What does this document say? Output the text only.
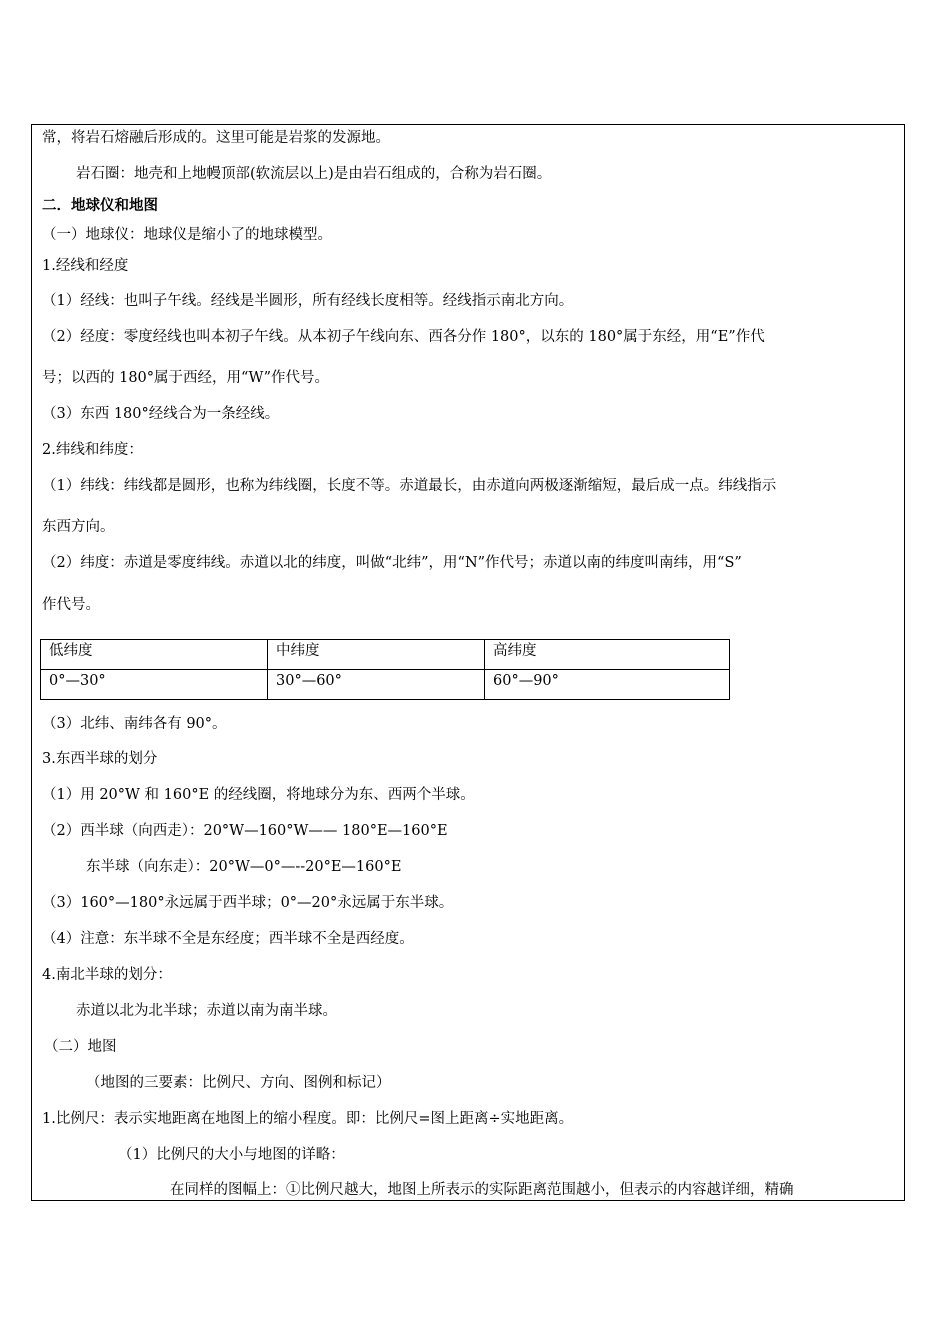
常，将岩石熔融后形成的。这里可能是岩浆的发源地。
岩石圈：地壳和上地幔顶部(软流层以上)是由岩石组成的，合称为岩石圈。
二．地球仪和地图
（一）地球仪：地球仪是缩小了的地球模型。
1.经线和经度
（1）经线：也叫子午线。经线是半圆形，所有经线长度相等。经线指示南北方向。
（2）经度：零度经线也叫本初子午线。从本初子午线向东、西各分作 180°，以东的 180°属于东经，用“E”作代
号；以西的 180°属于西经，用“W”作代号。
（3）东西 180°经线合为一条经线。
2.纬线和纬度：
（1）纬线：纬线都是圆形，也称为纬线圈，长度不等。赤道最长，由赤道向两极逐渐缩短，最后成一点。纬线指示
东西方向。
（2）纬度：赤道是零度纬线。赤道以北的纬度，叫做“北纬”，用“N”作代号；赤道以南的纬度叫南纬，用“S”
作代号。
低纬度	中纬度	高纬度
0°—30°	30°—60°	60°—90°
（3）北纬、南纬各有 90°。
3.东西半球的划分
（1）用 20°W 和 160°E 的经线圈，将地球分为东、西两个半球。
（2）西半球（向西走）：20°W—160°W—— 180°E—160°E
东半球（向东走）：20°W—0°—--20°E—160°E
（3）160°—180°永远属于西半球；0°—20°永远属于东半球。
（4）注意：东半球不全是东经度；西半球不全是西经度。
4.南北半球的划分：
赤道以北为北半球；赤道以南为南半球。
（二）地图
（地图的三要素：比例尺、方向、图例和标记）
1.比例尺：表示实地距离在地图上的缩小程度。即：比例尺=图上距离÷实地距离。
（1）比例尺的大小与地图的详略：
在同样的图幅上：①比例尺越大，地图上所表示的实际距离范围越小，但表示的内容越详细，精确
